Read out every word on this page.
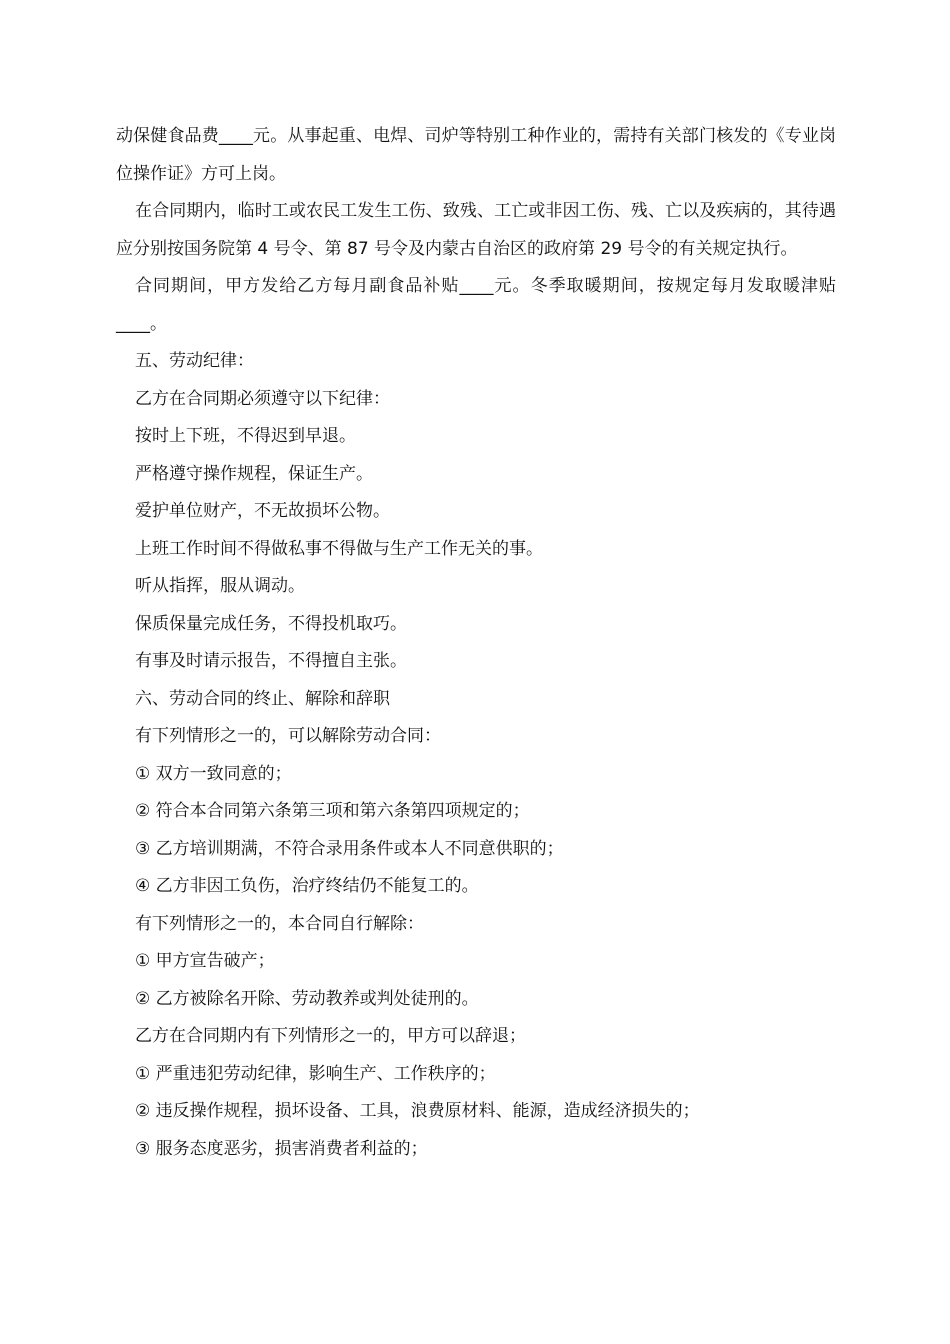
动保健食品费____元。从事起重、电焊、司炉等特别工种作业的，需持有关部门核发的《专业岗位操作证》方可上岗。

在合同期内，临时工或农民工发生工伤、致残、工亡或非因工伤、残、亡以及疾病的，其待遇应分别按国务院第 4 号令、第 87 号令及内蒙古自治区的政府第 29 号令的有关规定执行。

合同期间，甲方发给乙方每月副食品补贴____元。冬季取暖期间，按规定每月发取暖津贴____。

五、劳动纪律：

乙方在合同期必须遵守以下纪律：

按时上下班，不得迟到早退。

严格遵守操作规程，保证生产。

爱护单位财产，不无故损坏公物。

上班工作时间不得做私事不得做与生产工作无关的事。

听从指挥，服从调动。

保质保量完成任务，不得投机取巧。

有事及时请示报告，不得擅自主张。

六、劳动合同的终止、解除和辞职

有下列情形之一的，可以解除劳动合同：

① 双方一致同意的；

② 符合本合同第六条第三项和第六条第四项规定的；

③ 乙方培训期满，不符合录用条件或本人不同意供职的；

④ 乙方非因工负伤，治疗终结仍不能复工的。

有下列情形之一的，本合同自行解除：

① 甲方宣告破产；

② 乙方被除名开除、劳动教养或判处徒刑的。

乙方在合同期内有下列情形之一的，甲方可以辞退；

① 严重违犯劳动纪律，影响生产、工作秩序的；

② 违反操作规程，损坏设备、工具，浪费原材料、能源，造成经济损失的；

③ 服务态度恶劣，损害消费者利益的；
